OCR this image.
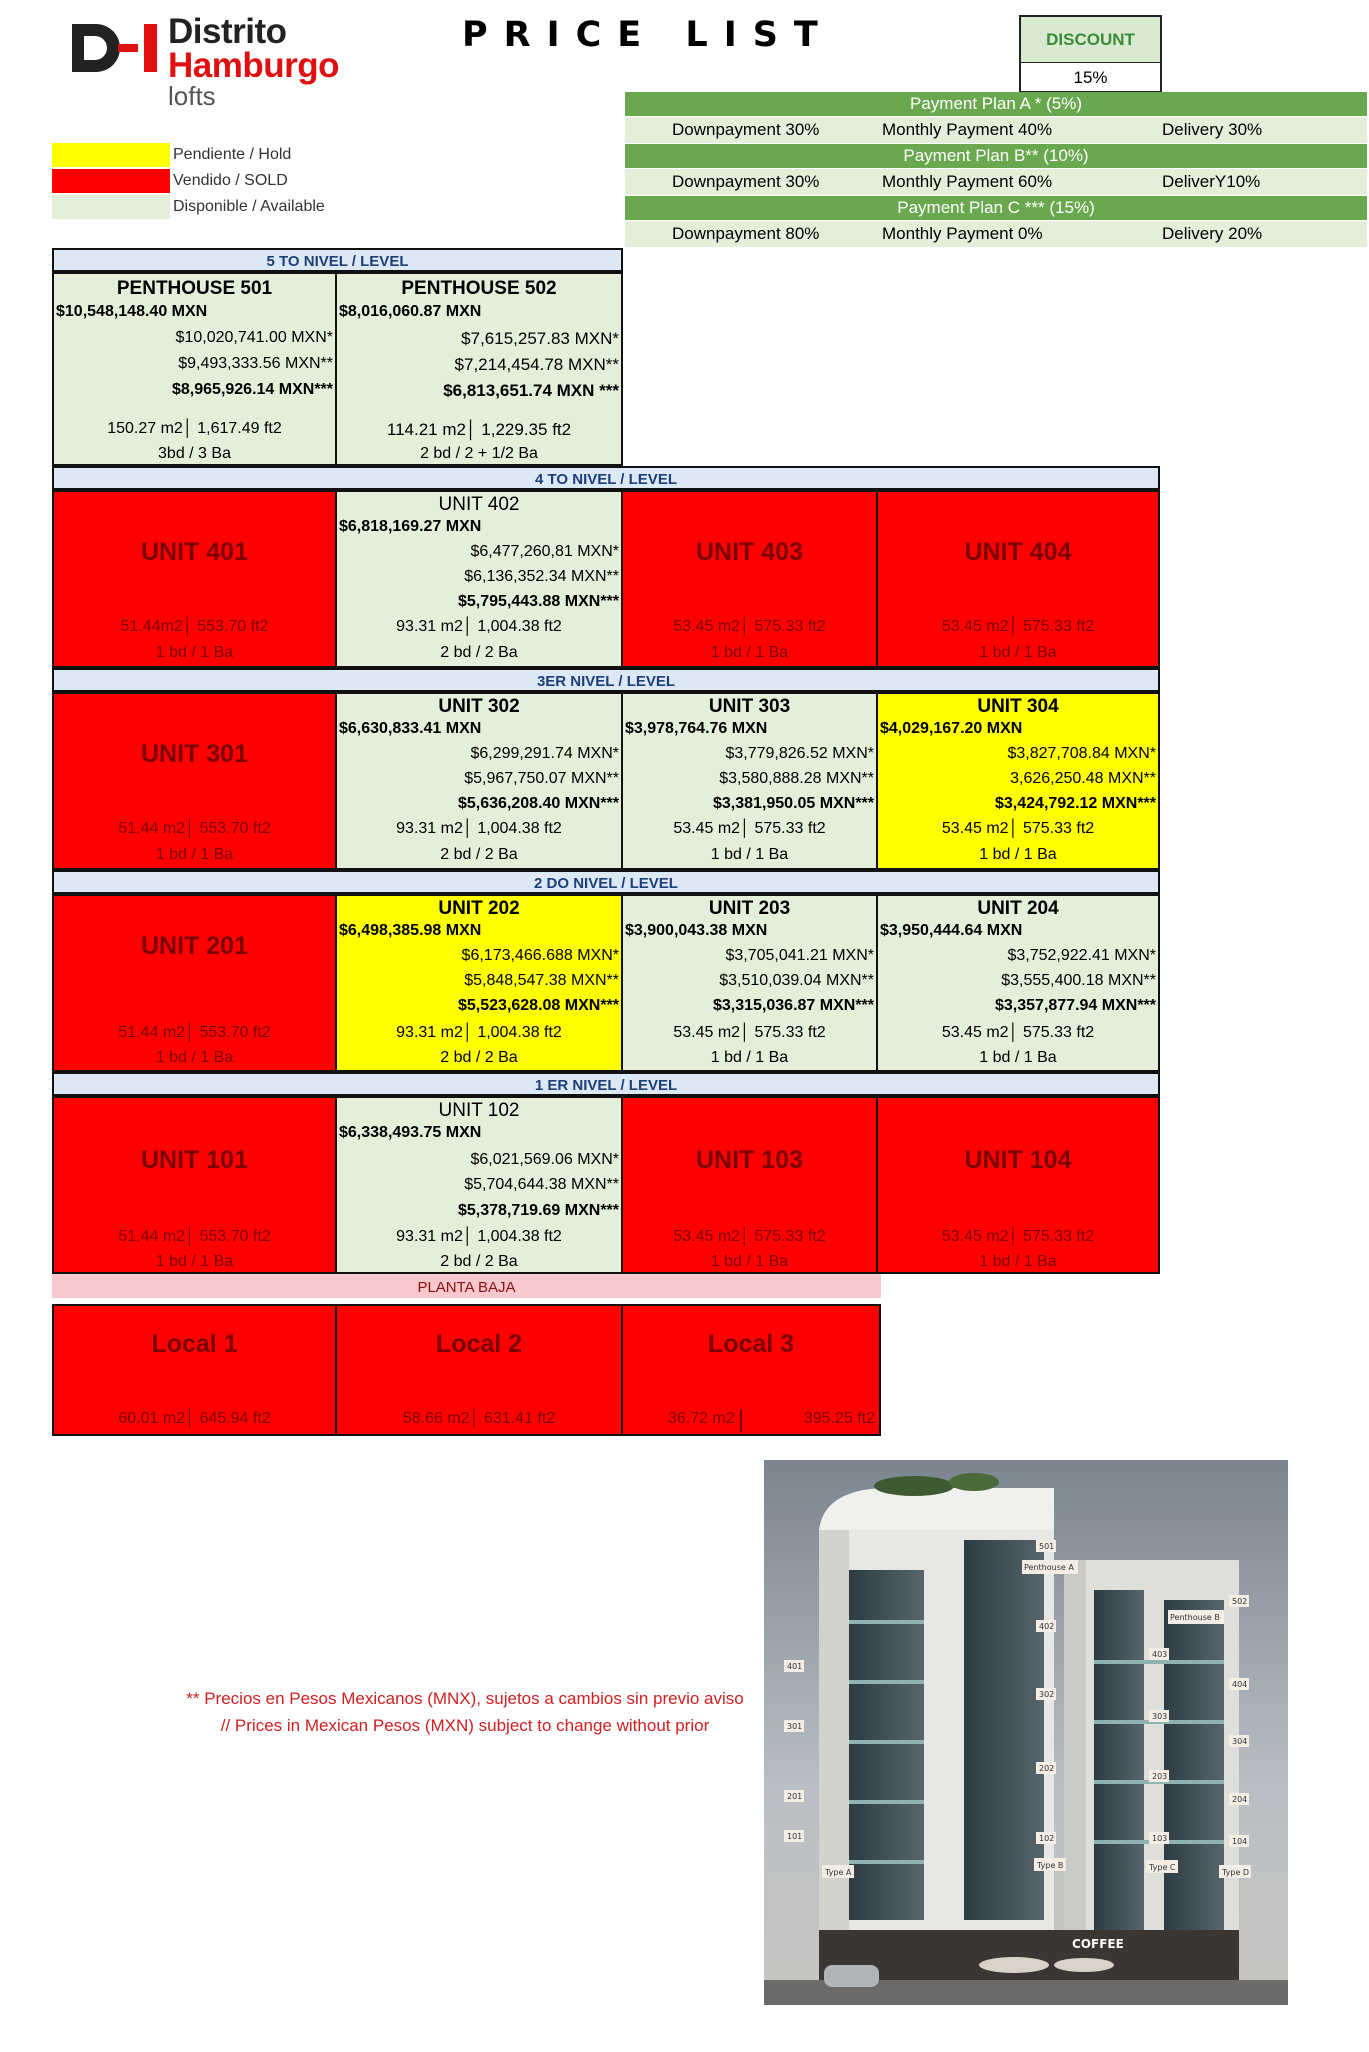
Distrito
Hamburgo
lofts
PRICE LIST	DISCOUNT
15%
Payment Plan A * (5%)
Downpayment 30%	Monthly Payment 40%	Delivery 30%
Payment Plan B** (10%)
Downpayment 30%	Monthly Payment 60%	DeliverY10%
Payment Plan C *** (15%)
Downpayment 80%	Monthly Payment 0%	Delivery 20%
Pendiente / Hold
Vendido / SOLD
Disponible / Available
5 TO NIVEL / LEVEL
PENTHOUSE 501
$10,548,148.40 MXN
$10,020,741.00 MXN*
$9,493,333.56 MXN**
$8,965,926.14 MXN***
150.27 m2│ 1,617.49 ft2
3bd / 3 Ba
PENTHOUSE 502
$8,016,060.87 MXN
$7,615,257.83 MXN*
$7,214,454.78 MXN**
$6,813,651.74 MXN ***
114.21 m2│ 1,229.35 ft2
2 bd / 2 + 1/2 Ba
4 TO NIVEL / LEVEL
UNIT 401
51.44m2│ 553.70 ft2
1 bd / 1 Ba
UNIT 402
$6,818,169.27 MXN
$6,477,260,81 MXN*
$6,136,352.34 MXN**
$5,795,443.88 MXN***
93.31 m2│ 1,004.38 ft2
2 bd / 2 Ba
UNIT 403
53.45 m2│ 575.33 ft2
1 bd / 1 Ba
UNIT 404
53.45 m2│ 575.33 ft2
1 bd / 1 Ba
3ER NIVEL / LEVEL
UNIT 301
51.44 m2│ 553.70 ft2
1 bd / 1 Ba
UNIT 302
$6,630,833.41 MXN
$6,299,291.74 MXN*
$5,967,750.07 MXN**
$5,636,208.40 MXN***
93.31 m2│ 1,004.38 ft2
2 bd / 2 Ba
UNIT 303
$3,978,764.76 MXN
$3,779,826.52 MXN*
$3,580,888.28 MXN**
$3,381,950.05 MXN***
53.45 m2│ 575.33 ft2
1 bd / 1 Ba
UNIT 304
$4,029,167.20 MXN
$3,827,708.84 MXN*
3,626,250.48 MXN**
$3,424,792.12 MXN***
53.45 m2│ 575.33 ft2
1 bd / 1 Ba
2 DO NIVEL / LEVEL
UNIT 201
51.44 m2│ 553.70 ft2
1 bd / 1 Ba
UNIT 202
$6,498,385.98 MXN
$6,173,466.688 MXN*
$5,848,547.38 MXN**
$5,523,628.08 MXN***
93.31 m2│ 1,004.38 ft2
2 bd / 2 Ba
UNIT 203
$3,900,043.38 MXN
$3,705,041.21 MXN*
$3,510,039.04 MXN**
$3,315,036.87 MXN***
53.45 m2│ 575.33 ft2
1 bd / 1 Ba
UNIT 204
$3,950,444.64 MXN
$3,752,922.41 MXN*
$3,555,400.18 MXN**
$3,357,877.94 MXN***
53.45 m2│ 575.33 ft2
1 bd / 1 Ba
1 ER NIVEL / LEVEL
UNIT 101
51.44 m2│ 553.70 ft2
1 bd / 1 Ba
UNIT 102
$6,338,493.75 MXN
$6,021,569.06 MXN*
$5,704,644.38 MXN**
$5,378,719.69 MXN***
93.31 m2│ 1,004.38 ft2
2 bd / 2 Ba
UNIT 103
53.45 m2│ 575.33 ft2
1 bd / 1 Ba
UNIT 104
53.45 m2│ 575.33 ft2
1 bd / 1 Ba
PLANTA BAJA
Local 1
60.01 m2│ 645.94 ft2
Local 2
58.66 m2│ 631.41 ft2
Local 3
36.72 m2	395.25 ft2
** Precios en Pesos Mexicanos (MNX), sujetos a cambios sin previo aviso // Prices in Mexican Pesos (MXN) subject to change without prior
Penthouse A
Penthouse B
501
502
401
402
403
404
301
302
303
304
201
202
203
204
101	102	103	104
Type A
Type B	Type C
Type D
COFFEE
